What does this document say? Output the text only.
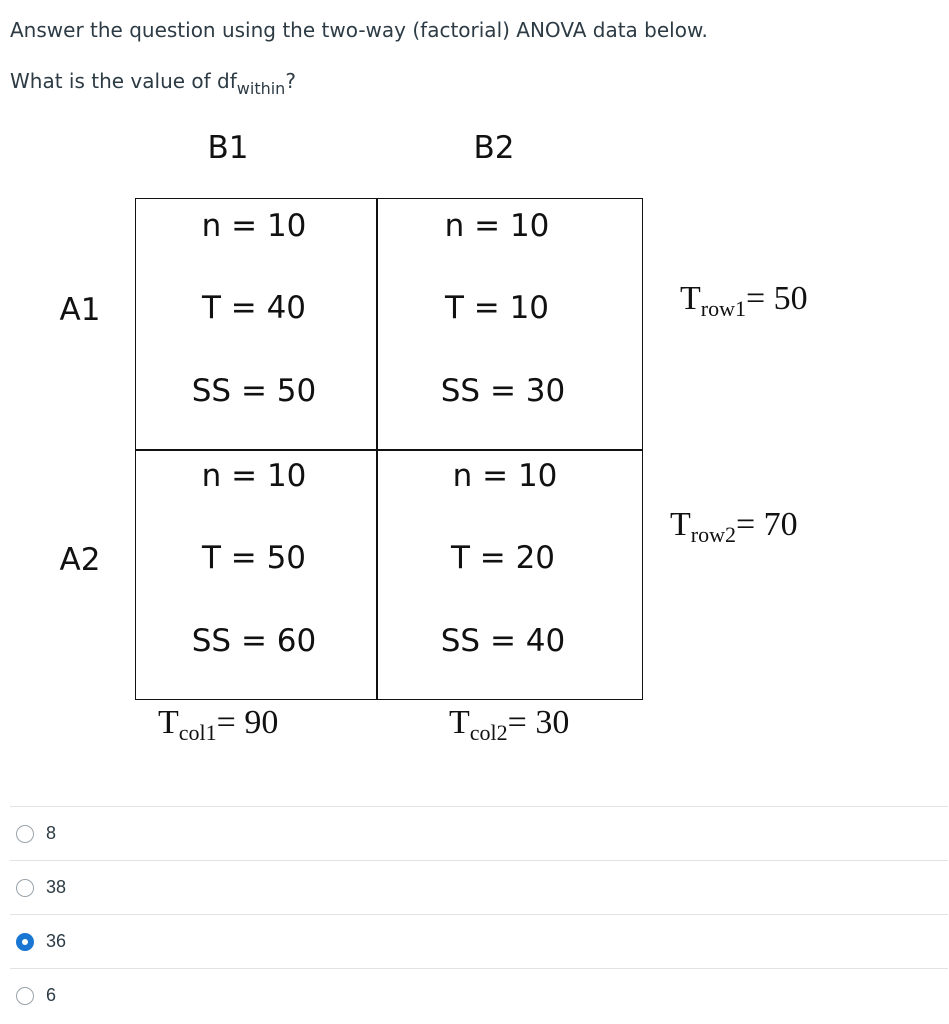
Answer the question using the two-way (factorial) ANOVA data below.
What is the value of $df_{within}$?
B1	B2
A1
A2
n = 10
T = 40
SS = 50
n = 10
T = 10
SS = 30
n = 10
T = 50
SS = 60
n = 10
T = 20
SS = 40
$T_{row1}= 50$
$T_{row2}= 70$
$T_{col1}= 90$	$T_{col2}= 30$
8
38
36
6
